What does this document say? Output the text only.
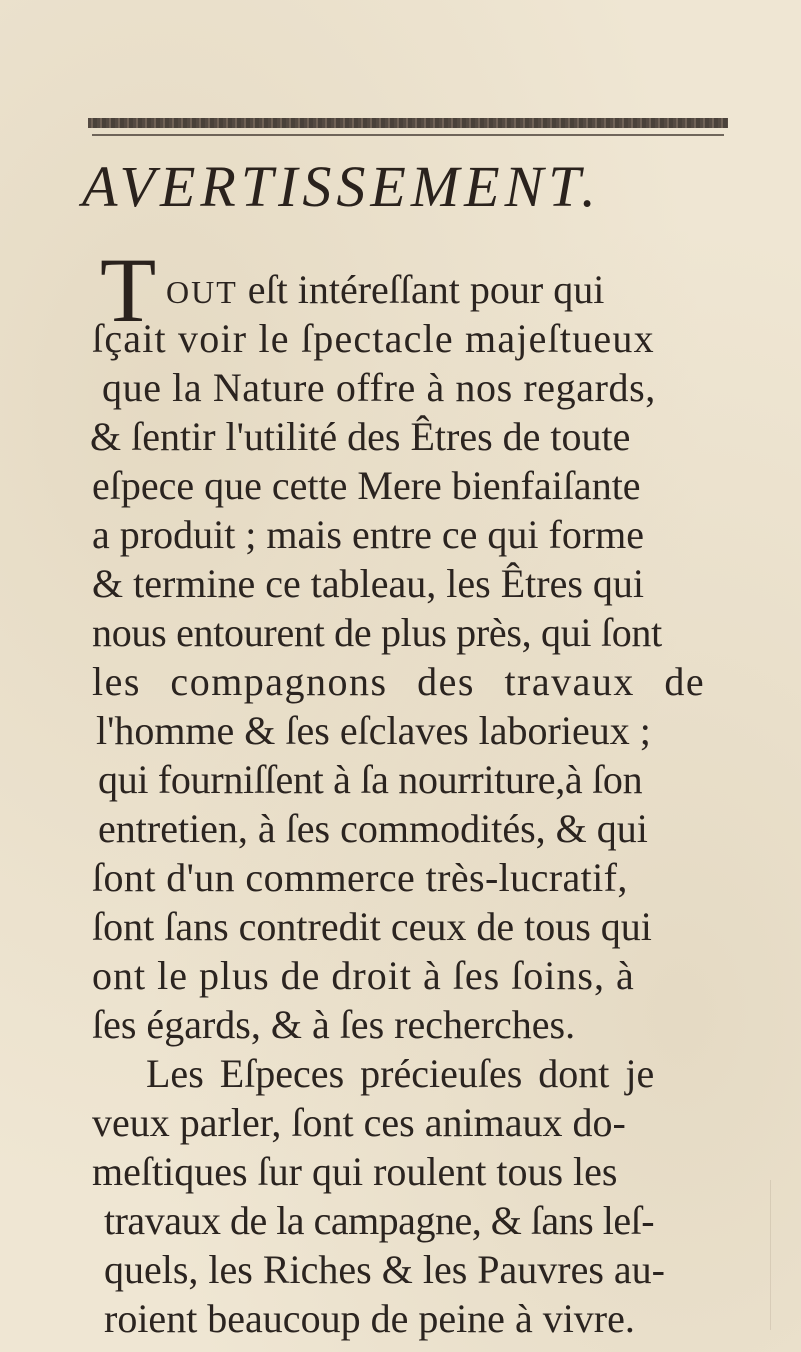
AVERTISSEMENT.
T OUT eſt intéreſſant pour qui
ſçait voir le ſpectacle majeſtueux
que la Nature offre à nos regards,
& ſentir l'utilité des Êtres de toute
eſpece que cette Mere bienfaiſante
a produit ; mais entre ce qui forme
& termine ce tableau, les Êtres qui
nous entourent de plus près, qui ſont
les compagnons des travaux de
l'homme & ſes eſclaves laborieux ;
qui fourniſſent à ſa nourriture,à ſon
entretien, à ſes commodités, & qui
ſont d'un commerce très-lucratif,
ſont ſans contredit ceux de tous qui
ont le plus de droit à ſes ſoins, à
ſes égards, & à ſes recherches.
Les Eſpeces précieuſes dont je
veux parler, ſont ces animaux do-
meſtiques ſur qui roulent tous les
travaux de la campagne, & ſans leſ-
quels, les Riches & les Pauvres au-
roient beaucoup de peine à vivre.
